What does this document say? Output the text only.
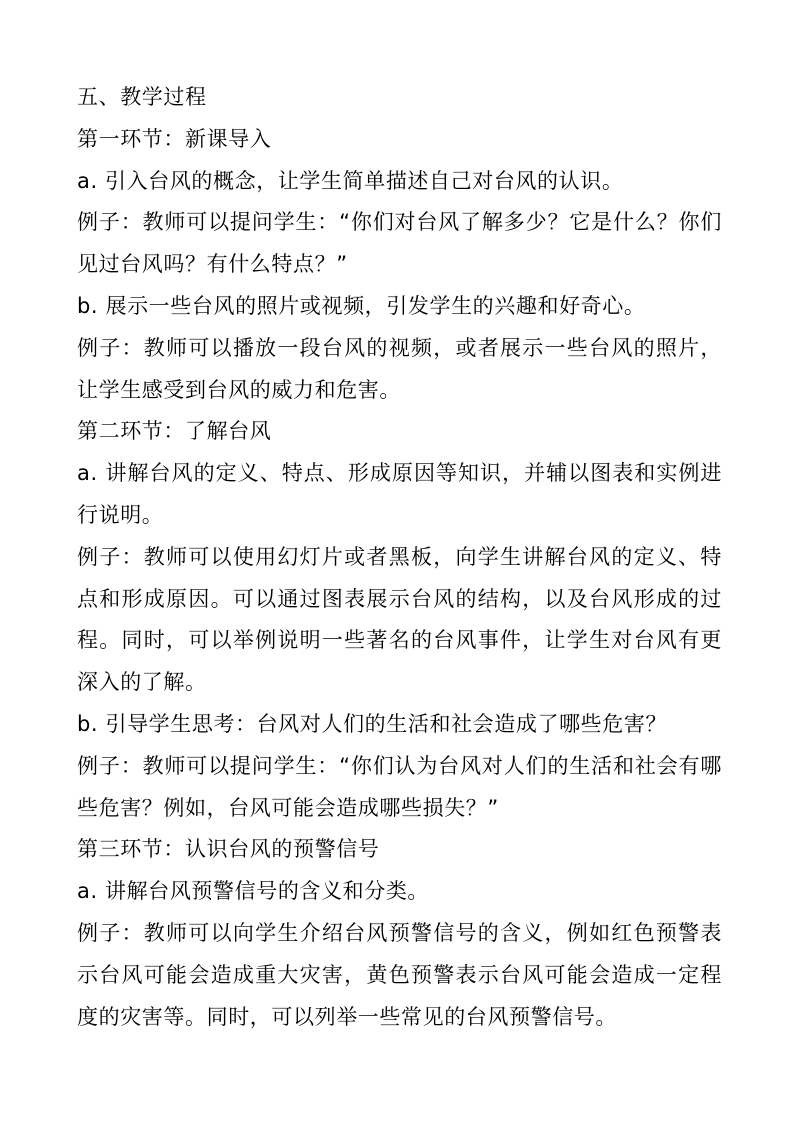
五、教学过程

第一环节：新课导入

a. 引入台风的概念，让学生简单描述自己对台风的认识。

例子：教师可以提问学生：“你们对台风了解多少？它是什么？你们见过台风吗？有什么特点？”

b. 展示一些台风的照片或视频，引发学生的兴趣和好奇心。

例子：教师可以播放一段台风的视频，或者展示一些台风的照片，让学生感受到台风的威力和危害。

第二环节：了解台风

a. 讲解台风的定义、特点、形成原因等知识，并辅以图表和实例进行说明。

例子：教师可以使用幻灯片或者黑板，向学生讲解台风的定义、特点和形成原因。可以通过图表展示台风的结构，以及台风形成的过程。同时，可以举例说明一些著名的台风事件，让学生对台风有更深入的了解。

b. 引导学生思考：台风对人们的生活和社会造成了哪些危害？

例子：教师可以提问学生：“你们认为台风对人们的生活和社会有哪些危害？例如，台风可能会造成哪些损失？”

第三环节：认识台风的预警信号

a. 讲解台风预警信号的含义和分类。

例子：教师可以向学生介绍台风预警信号的含义，例如红色预警表示台风可能会造成重大灾害，黄色预警表示台风可能会造成一定程度的灾害等。同时，可以列举一些常见的台风预警信号。
